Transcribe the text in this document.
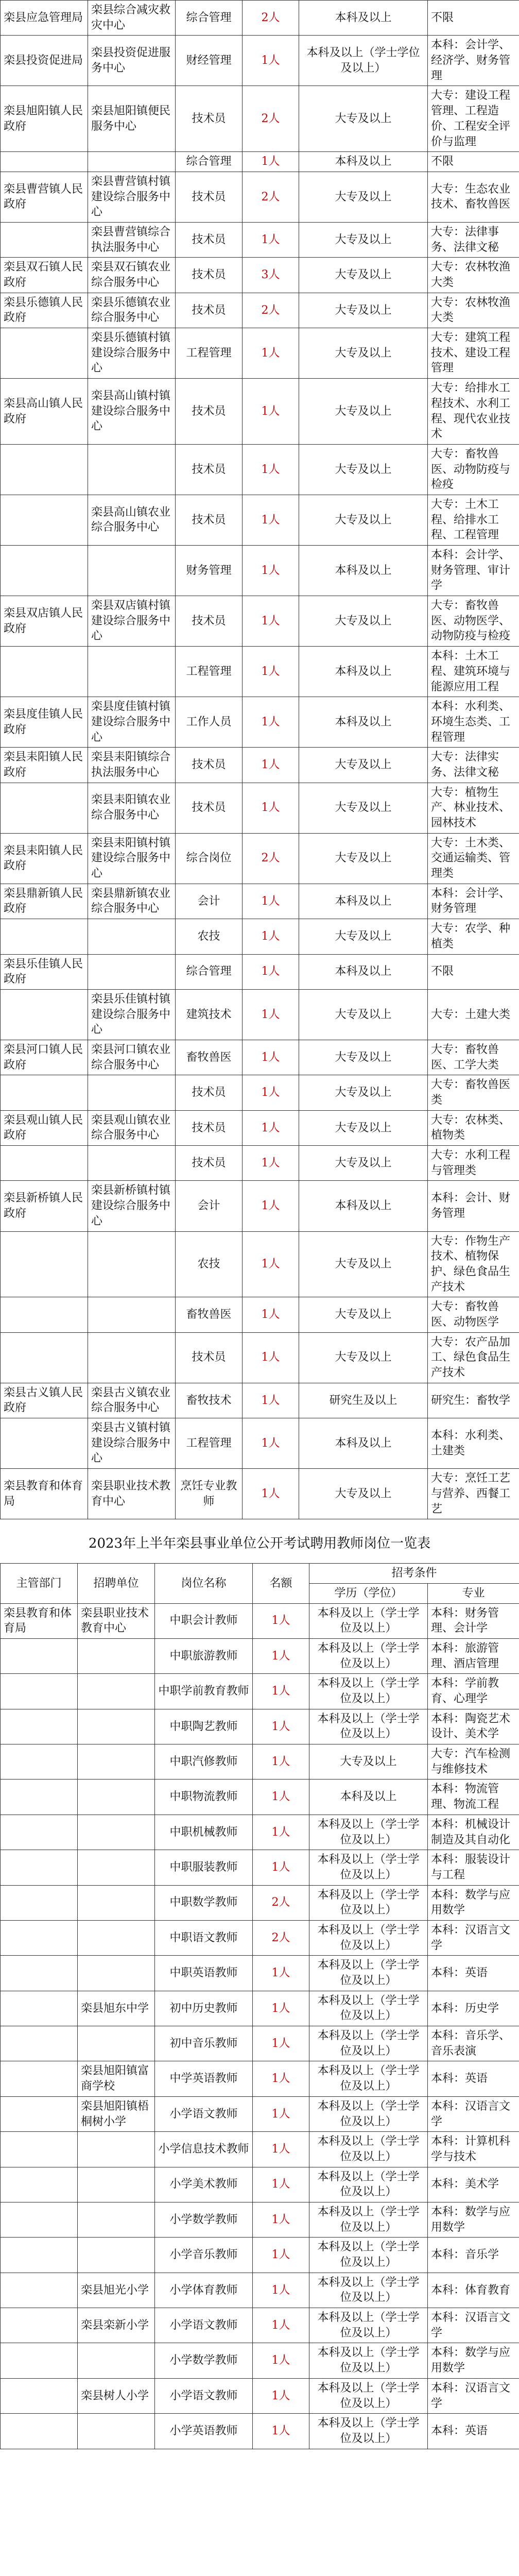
栾县应急管理局	栾县综合减灾救灾中心	综合管理	2人	本科及以上	不限
栾县投资促进局	栾县投资促进服务中心	财经管理	1人	本科及以上（学士学位及以上）	本科：会计学、经济学、财务管理
栾县旭阳镇人民政府	栾县旭阳镇便民服务中心	技术员	2人	大专及以上	大专：建设工程管理、工程造价、工程安全评价与监理
		综合管理	1人	本科及以上	不限
栾县曹营镇人民政府	栾县曹营镇村镇建设综合服务中心	技术员	2人	大专及以上	大专：生态农业技术、畜牧兽医
	栾县曹营镇综合执法服务中心	技术员	1人	大专及以上	大专：法律事务、法律文秘
栾县双石镇人民政府	栾县双石镇农业综合服务中心	技术员	3人	大专及以上	大专：农林牧渔大类
栾县乐德镇人民政府	栾县乐德镇农业综合服务中心	技术员	2人	大专及以上	大专：农林牧渔大类
	栾县乐德镇村镇建设综合服务中心	工程管理	1人	大专及以上	大专：建筑工程技术、建设工程管理
栾县高山镇人民政府	栾县高山镇村镇建设综合服务中心	技术员	1人	大专及以上	大专：给排水工程技术、水利工程、现代农业技术
		技术员	1人	大专及以上	大专：畜牧兽医、动物防疫与检疫
	栾县高山镇农业综合服务中心	技术员	1人	大专及以上	大专：土木工程、给排水工程、工程管理
		财务管理	1人	本科及以上	本科：会计学、财务管理、审计学
栾县双店镇人民政府	栾县双店镇村镇建设综合服务中心	技术员	1人	大专及以上	大专：畜牧兽医、动物医学、动物防疫与检疫
		工程管理	1人	本科及以上	本科：土木工程、建筑环境与能源应用工程
栾县度佳镇人民政府	栾县度佳镇村镇建设综合服务中心	工作人员	1人	本科及以上	本科：水利类、环境生态类、工程管理
栾县耒阳镇人民政府	栾县耒阳镇综合执法服务中心	技术员	1人	大专及以上	大专：法律实务、法律文秘
	栾县耒阳镇农业综合服务中心	技术员	1人	大专及以上	大专：植物生产、林业技术、园林技术
栾县耒阳镇人民政府	栾县耒阳镇村镇建设综合服务中心	综合岗位	2人	大专及以上	大专：土木类、交通运输类、管理类
栾县鼎新镇人民政府	栾县鼎新镇农业综合服务中心	会计	1人	本科及以上	本科：会计学、财务管理
		农技	1人	大专及以上	大专：农学、种植类
栾县乐佳镇人民政府		综合管理	1人	本科及以上	不限
	栾县乐佳镇村镇建设综合服务中心	建筑技术	1人	大专及以上	大专：土建大类
栾县河口镇人民政府	栾县河口镇农业综合服务中心	畜牧兽医	1人	大专及以上	大专：畜牧兽医、工学大类
		技术员	1人	大专及以上	大专：畜牧兽医类
栾县观山镇人民政府	栾县观山镇农业综合服务中心	技术员	1人	大专及以上	大专：农林类、植物类
		技术员	1人	大专及以上	大专：水利工程与管理类
栾县新桥镇人民政府	栾县新桥镇村镇建设综合服务中心	会计	1人	本科及以上	本科：会计、财务管理
		农技	1人	大专及以上	大专：作物生产技术、植物保护、绿色食品生产技术
		畜牧兽医	1人	大专及以上	大专：畜牧兽医、动物医学
		技术员	1人	大专及以上	大专：农产品加工、绿色食品生产技术
栾县古义镇人民政府	栾县古义镇农业综合服务中心	畜牧技术	1人	研究生及以上	研究生：畜牧学
	栾县古义镇村镇建设综合服务中心	工程管理	1人	本科及以上	本科：水利类、土建类
栾县教育和体育局	栾县职业技术教育中心	烹饪专业教师	1人	大专及以上	大专：烹饪工艺与营养、西餐工艺
2023年上半年栾县事业单位公开考试聘用教师岗位一览表
主管部门	招聘单位	岗位名称	名额	招考条件	
				学历（学位）	专业
栾县教育和体育局	栾县职业技术教育中心	中职会计教师	1人	本科及以上（学士学位及以上）	本科：财务管理、会计学
		中职旅游教师	1人	本科及以上（学士学位及以上）	本科：旅游管理、酒店管理
		中职学前教育教师	1人	本科及以上（学士学位及以上）	本科：学前教育、心理学
		中职陶艺教师	1人	本科及以上（学士学位及以上）	本科：陶瓷艺术设计、美术学
		中职汽修教师	1人	大专及以上	大专：汽车检测与维修技术
		中职物流教师	1人	本科及以上	本科：物流管理、物流工程
		中职机械教师	1人	本科及以上（学士学位及以上）	本科：机械设计制造及其自动化
		中职服装教师	1人	本科及以上（学士学位及以上）	本科：服装设计与工程
		中职数学教师	2人	本科及以上（学士学位及以上）	本科：数学与应用数学
		中职语文教师	2人	本科及以上（学士学位及以上）	本科：汉语言文学
		中职英语教师	1人	本科及以上（学士学位及以上）	本科：英语
	栾县旭东中学	初中历史教师	1人	本科及以上（学士学位及以上）	本科：历史学
		初中音乐教师	1人	本科及以上（学士学位及以上）	本科：音乐学、音乐表演
	栾县旭阳镇富商学校	中学英语教师	1人	本科及以上（学士学位及以上）	本科：英语
	栾县旭阳镇梧桐树小学	小学语文教师	1人	本科及以上（学士学位及以上）	本科：汉语言文学
		小学信息技术教师	1人	本科及以上（学士学位及以上）	本科：计算机科学与技术
		小学美术教师	1人	本科及以上（学士学位及以上）	本科：美术学
		小学数学教师	1人	本科及以上（学士学位及以上）	本科：数学与应用数学
		小学音乐教师	1人	本科及以上（学士学位及以上）	本科：音乐学
	栾县旭光小学	小学体育教师	1人	本科及以上（学士学位及以上）	本科：体育教育
	栾县栾新小学	小学语文教师	1人	本科及以上（学士学位及以上）	本科：汉语言文学
		小学数学教师	1人	本科及以上（学士学位及以上）	本科：数学与应用数学
	栾县树人小学	小学语文教师	1人	本科及以上（学士学位及以上）	本科：汉语言文学
		小学英语教师	1人	本科及以上（学士学位及以上）	本科：英语
